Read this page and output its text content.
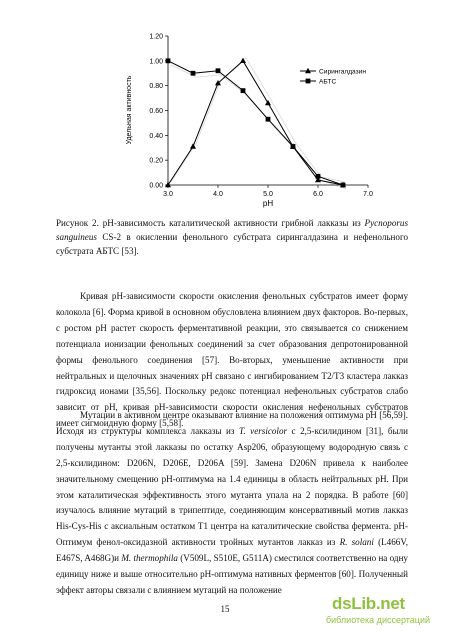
0.00
0.20
0.40
0.60
0.80
1.00
1.20
3.0	4.0	5.0	6.0	7.0
Удельная активность
pH
Сирингалдазин
АБТС
Рисунок 2. pH-зависимость каталитической активности грибной лакказы из Pycnoporus sanguineus CS-2 в окислении фенольного субстрата сирингалдазина и нефенольного субстрата АБТС [53].

Кривая pH-зависимости скорости окисления фенольных субстратов имеет форму колокола [6]. Форма кривой в основном обусловлена влиянием двух факторов. Во-первых, с ростом pH растет скорость ферментативной реакции, это связывается со снижением потенциала ионизации фенольных соединений за счет образования депротонированной формы фенольного соединения [57]. Во-вторых, уменьшение активности при нейтральных и щелочных значениях pH связано с ингибированием Т2/Т3 кластера лакказ гидроксид ионами [35,56]. Поскольку редокс потенциал нефенольных субстратов слабо зависит от pH, кривая pH-зависимости скорости окисления нефенольных субстратов имеет сигмоидную форму [5,58].

Мутации в активном центре оказывают влияние на положения оптимума pH [56,59]. Исходя из структуры комплекса лакказы из T. versicolor с 2,5-ксилидином [31], были получены мутанты этой лакказы по остатку Asp206, образующему водородную связь с 2,5-ксилидином: D206N, D206E, D206A [59]. Замена D206N привела к наиболее значительному смещению pH-оптимума на 1.4 единицы в область нейтральных pH. При этом каталитическая эффективность этого мутанта упала на 2 порядка. В работе [60] изучалось влияние мутаций в трипептиде, соединяющим консервативный мотив лакказ His-Cys-His с аксиальным остатком Т1 центра на каталитические свойства фермента. pH-Оптимум фенол-оксидазной активности тройных мутантов лакказ из R. solani (L466V, E467S, A468G)и M. thermophila (V509L, S510E, G511A) сместился соответственно на одну единицу ниже и выше относительно pH-оптимума нативных ферментов [60]. Полученный эффект авторы связали с влиянием мутаций на положение

15	dsLib.net
библиотека диссертаций
